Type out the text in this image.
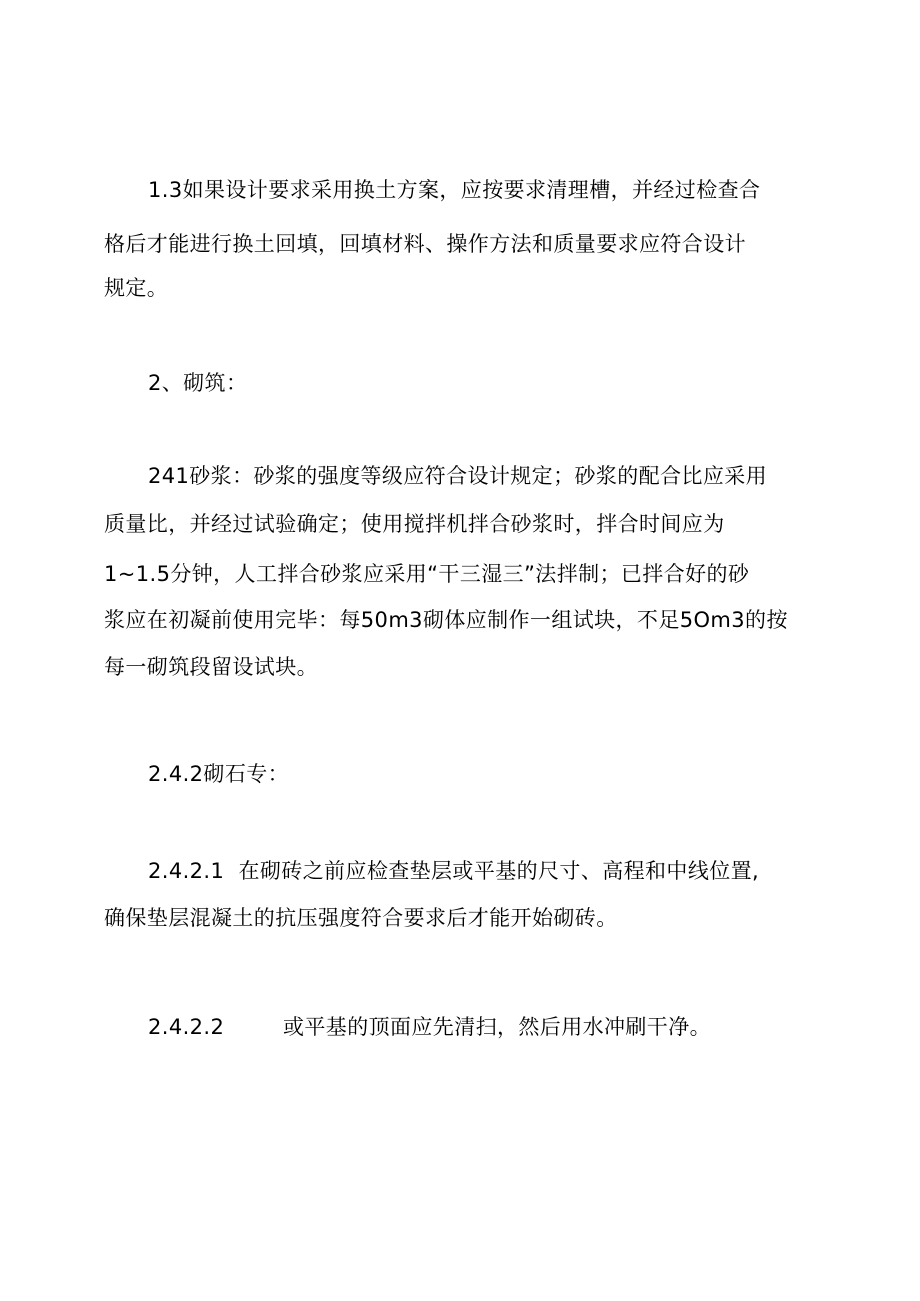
1.3如果设计要求采用换土方案，应按要求清理槽，并经过检查合
格后才能进行换土回填，回填材料、操作方法和质量要求应符合设计
规定。
2、砌筑：
241砂浆：砂浆的强度等级应符合设计规定；砂浆的配合比应采用
质量比，并经过试验确定；使用搅拌机拌合砂浆时，拌合时间应为
1~1.5分钟，人工拌合砂浆应采用“干三湿三”法拌制；已拌合好的砂
浆应在初凝前使用完毕：每50m3砌体应制作一组试块，不足5Om3的按
每一砌筑段留设试块。
2.4.2砌石专：
2.4.2.1 在砌砖之前应检查垫层或平基的尺寸、高程和中线位置,
确保垫层混凝土的抗压强度符合要求后才能开始砌砖。
2.4.2.2	或平基的顶面应先清扫，然后用水冲刷干净。
